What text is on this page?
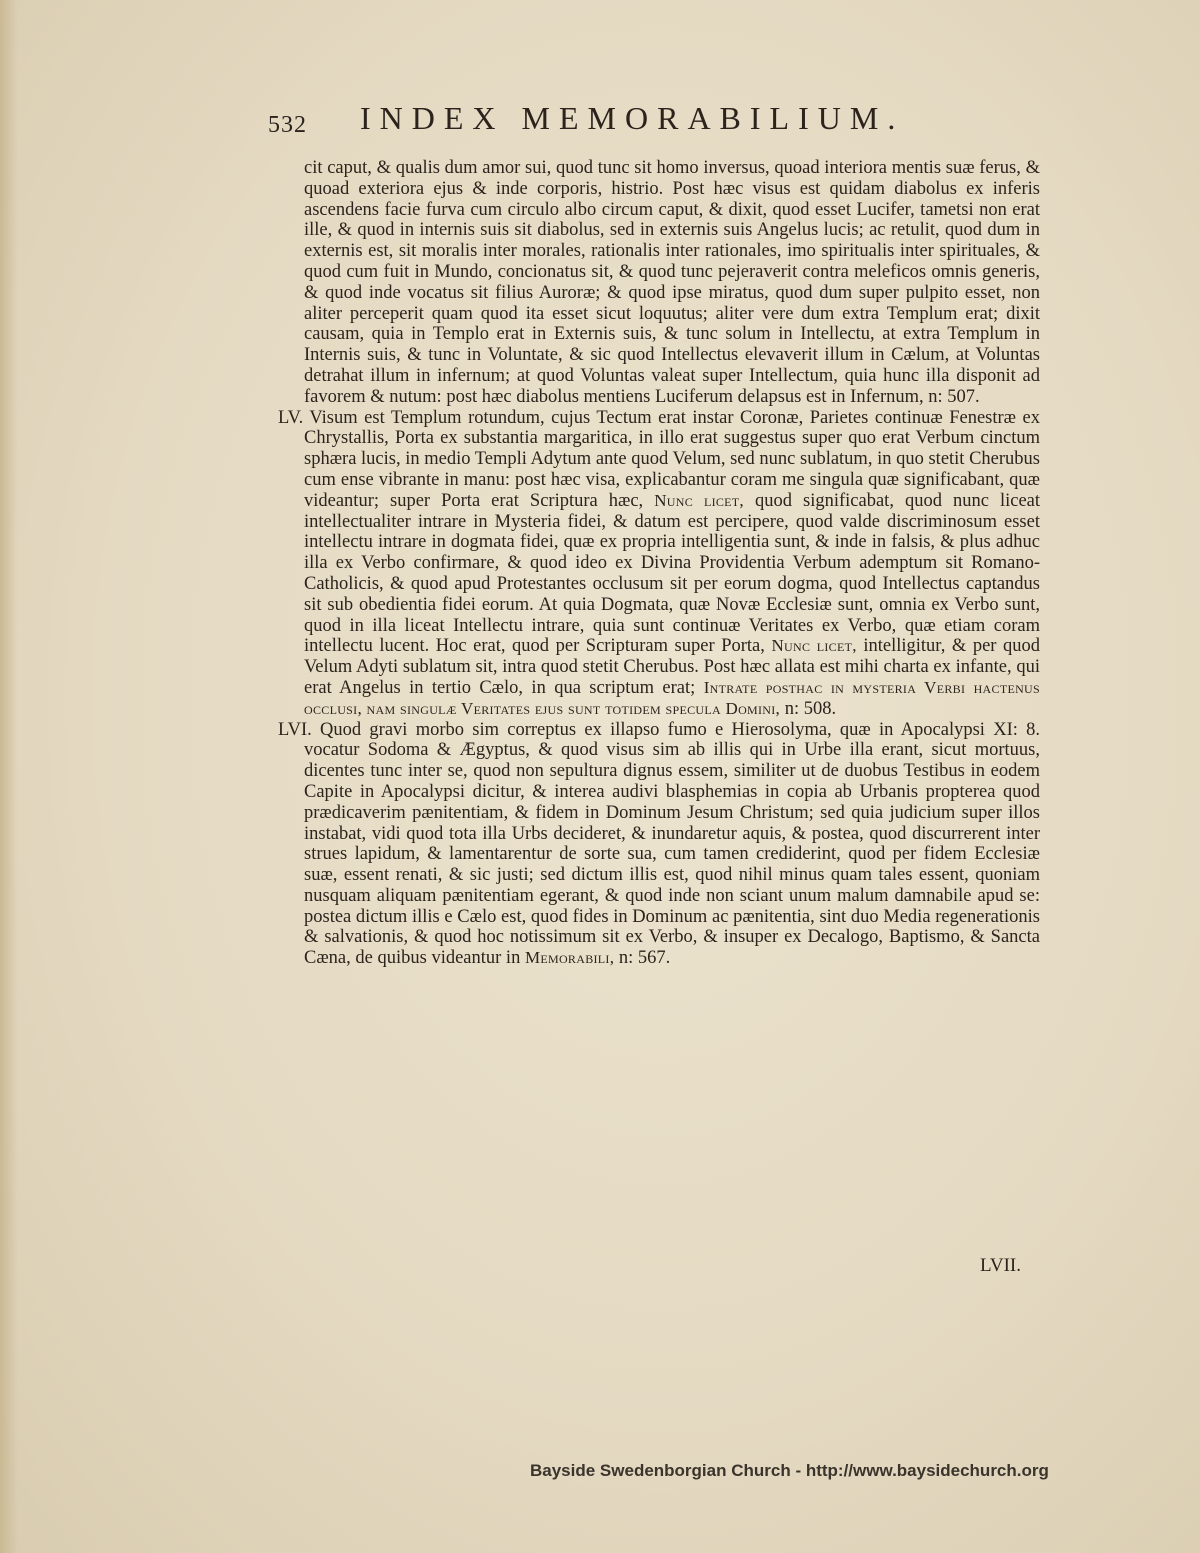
532 INDEX MEMORABILIUM.

cit caput, & qualis dum amor sui, quod tunc sit homo inversus, quoad interiora mentis suæ ferus, & quoad exteriora ejus & inde corporis, histrio. Post hæc visus est quidam diabolus ex inferis ascendens facie furva cum circulo albo circum caput, & dixit, quod esset Lucifer, tametsi non erat ille, & quod in internis suis sit diabolus, sed in externis suis Angelus lucis; ac retulit, quod dum in externis est, sit moralis inter morales, rationalis inter rationales, imo spiritualis inter spirituales, & quod cum fuit in Mundo, concionatus sit, & quod tunc pejeraverit contra meleficos omnis generis, & quod inde vocatus sit filius Auroræ; & quod ipse miratus, quod dum super pulpito esset, non aliter perceperit quam quod ita esset sicut loquutus; aliter vere dum extra Templum erat; dixit causam, quia in Templo erat in Externis suis, & tunc solum in Intellectu, at extra Templum in Internis suis, & tunc in Voluntate, & sic quod Intellectus elevaverit illum in Cælum, at Voluntas detrahat illum in infernum; at quod Voluntas valeat super Intellectum, quia hunc illa disponit ad favorem & nutum: post hæc diabolus mentiens Luciferum delapsus est in Infernum, n: 507.

LV. Visum est Templum rotundum, cujus Tectum erat instar Coronæ, Parietes continuæ Fenestræ ex Chrystallis, Porta ex substantia margaritica, in illo erat suggestus super quo erat Verbum cinctum sphæra lucis, in medio Templi Adytum ante quod Velum, sed nunc sublatum, in quo stetit Cherubus cum ense vibrante in manu: post hæc visa, explicabantur coram me singula quæ significabant, quæ videantur; super Porta erat Scriptura hæc, Nunc licet, quod significabat, quod nunc liceat intellectualiter intrare in Mysteria fidei, & datum est percipere, quod valde discriminosum esset intellectu intrare in dogmata fidei, quæ ex propria intelligentia sunt, & inde in falsis, & plus adhuc illa ex Verbo confirmare, & quod ideo ex Divina Providentia Verbum ademptum sit Romano-Catholicis, & quod apud Protestantes occlusum sit per eorum dogma, quod Intellectus captandus sit sub obedientia fidei eorum. At quia Dogmata, quæ Novæ Ecclesiæ sunt, omnia ex Verbo sunt, quod in illa liceat Intellectu intrare, quia sunt continuæ Veritates ex Verbo, quæ etiam coram intellectu lucent. Hoc erat, quod per Scripturam super Porta, Nunc licet, intelligitur, & per quod Velum Adyti sublatum sit, intra quod stetit Cherubus. Post hæc allata est mihi charta ex infante, qui erat Angelus in tertio Cælo, in qua scriptum erat; Intrate posthac in mysteria Verbi hactenus occlusi, nam singulæ Veritates ejus sunt totidem specula Domini, n: 508.

LVI. Quod gravi morbo sim correptus ex illapso fumo e Hierosolyma, quæ in Apocalypsi XI: 8. vocatur Sodoma & Ægyptus, & quod visus sim ab illis qui in Urbe illa erant, sicut mortuus, dicentes tunc inter se, quod non sepultura dignus essem, similiter ut de duobus Testibus in eodem Capite in Apocalypsi dicitur, & interea audivi blasphemias in copia ab Urbanis propterea quod prædicaverim pænitentiam, & fidem in Dominum Jesum Christum; sed quia judicium super illos instabat, vidi quod tota illa Urbs decideret, & inundaretur aquis, & postea, quod discurrerent inter strues lapidum, & lamentarentur de sorte sua, cum tamen crediderint, quod per fidem Ecclesiæ suæ, essent renati, & sic justi; sed dictum illis est, quod nihil minus quam tales essent, quoniam nusquam aliquam pænitentiam egerant, & quod inde non sciant unum malum damnabile apud se: postea dictum illis e Cælo est, quod fides in Dominum ac pænitentia, sint duo Media regenerationis & salvationis, & quod hoc notissimum sit ex Verbo, & insuper ex Decalogo, Baptismo, & Sancta Cæna, de quibus videantur in Memorabili, n: 567.

LVII.
Bayside Swedenborgian Church - http://www.baysidechurch.org
